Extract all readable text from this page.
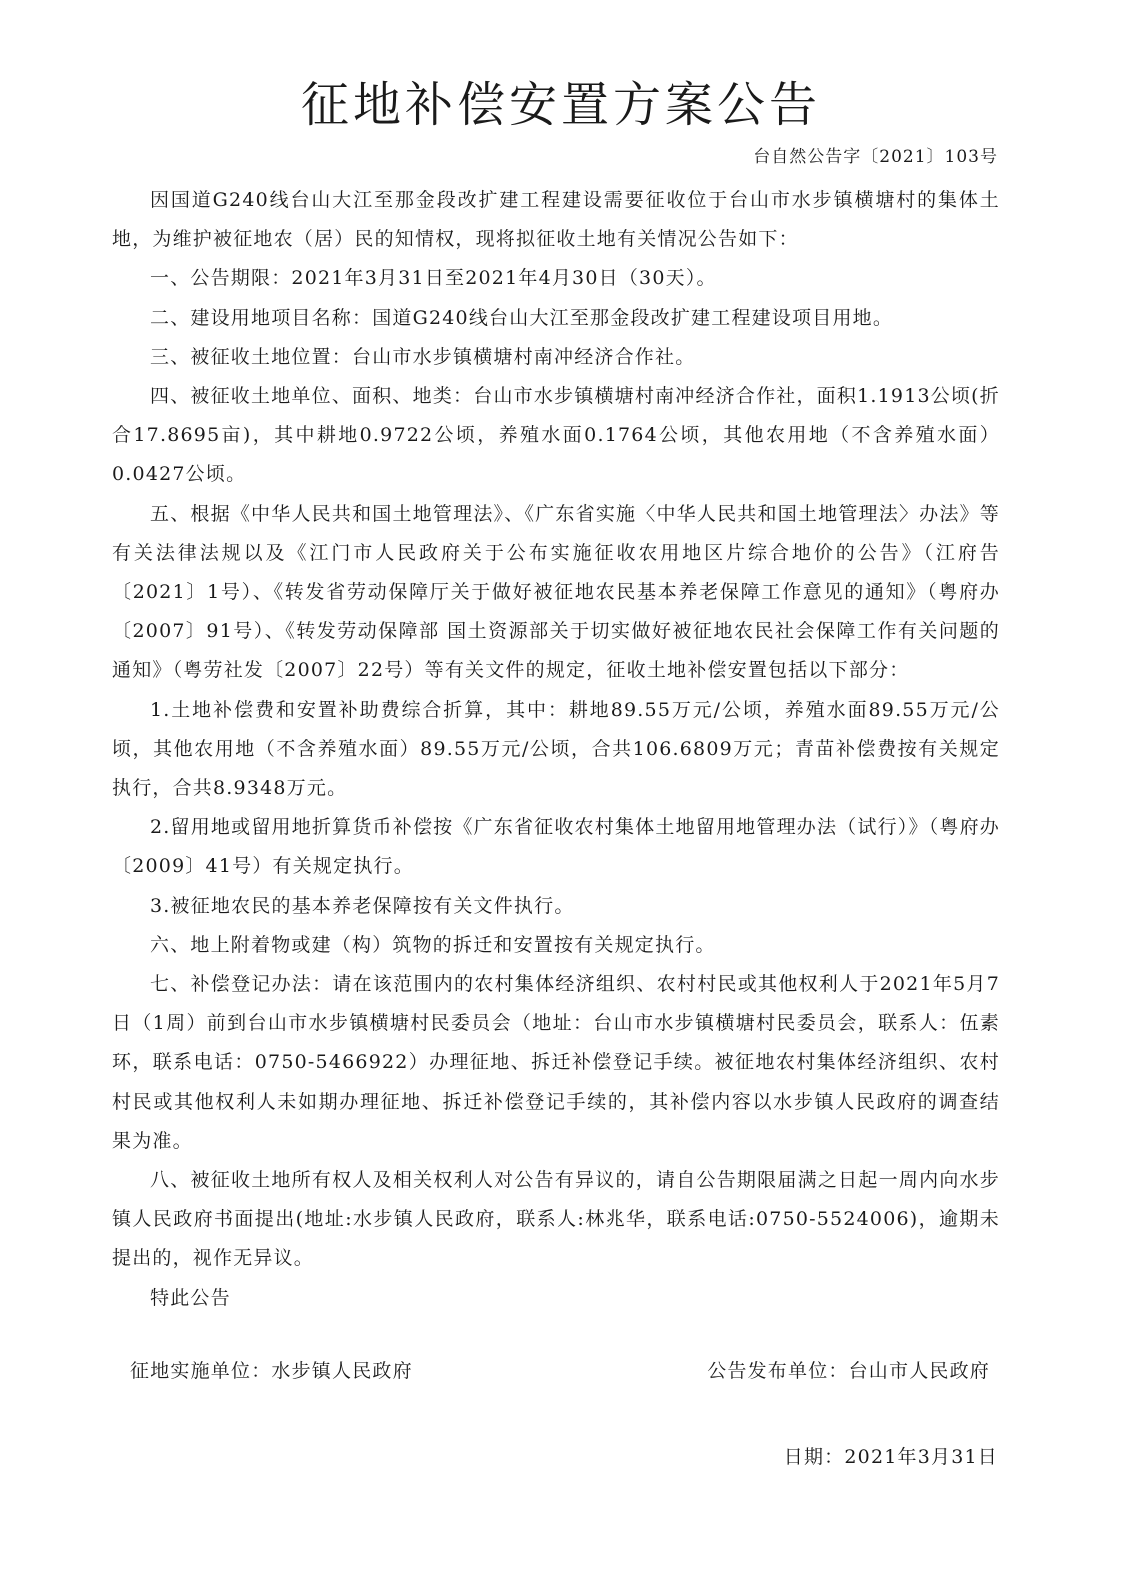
征地补偿安置方案公告
台自然公告字〔2021〕103号

因国道G240线台山大江至那金段改扩建工程建设需要征收位于台山市水步镇横塘村的集体土地，为维护被征地农（居）民的知情权，现将拟征收土地有关情况公告如下：

一、公告期限：2021年3月31日至2021年4月30日（30天）。

二、建设用地项目名称：国道G240线台山大江至那金段改扩建工程建设项目用地。

三、被征收土地位置：台山市水步镇横塘村南冲经济合作社。

四、被征收土地单位、面积、地类：台山市水步镇横塘村南冲经济合作社，面积1.1913公顷(折合17.8695亩)，其中耕地0.9722公顷，养殖水面0.1764公顷，其他农用地（不含养殖水面）0.0427公顷。

五、根据《中华人民共和国土地管理法》、《广东省实施〈中华人民共和国土地管理法〉办法》等有关法律法规以及《江门市人民政府关于公布实施征收农用地区片综合地价的公告》（江府告〔2021〕1号）、《转发省劳动保障厅关于做好被征地农民基本养老保障工作意见的通知》（粤府办〔2007〕91号）、《转发劳动保障部 国土资源部关于切实做好被征地农民社会保障工作有关问题的通知》（粤劳社发〔2007〕22号）等有关文件的规定，征收土地补偿安置包括以下部分：

1.土地补偿费和安置补助费综合折算，其中：耕地89.55万元/公顷，养殖水面89.55万元/公顷，其他农用地（不含养殖水面）89.55万元/公顷，合共106.6809万元；青苗补偿费按有关规定执行，合共8.9348万元。

2.留用地或留用地折算货币补偿按《广东省征收农村集体土地留用地管理办法（试行）》（粤府办〔2009〕41号）有关规定执行。

3.被征地农民的基本养老保障按有关文件执行。

六、地上附着物或建（构）筑物的拆迁和安置按有关规定执行。

七、补偿登记办法：请在该范围内的农村集体经济组织、农村村民或其他权利人于2021年5月7日（1周）前到台山市水步镇横塘村民委员会（地址：台山市水步镇横塘村民委员会，联系人：伍素环，联系电话：0750-5466922）办理征地、拆迁补偿登记手续。被征地农村集体经济组织、农村村民或其他权利人未如期办理征地、拆迁补偿登记手续的，其补偿内容以水步镇人民政府的调查结果为准。

八、被征收土地所有权人及相关权利人对公告有异议的，请自公告期限届满之日起一周内向水步镇人民政府书面提出(地址:水步镇人民政府，联系人:林兆华，联系电话:0750-5524006)，逾期未提出的，视作无异议。

特此公告

征地实施单位：水步镇人民政府	公告发布单位：台山市人民政府
日期：2021年3月31日
